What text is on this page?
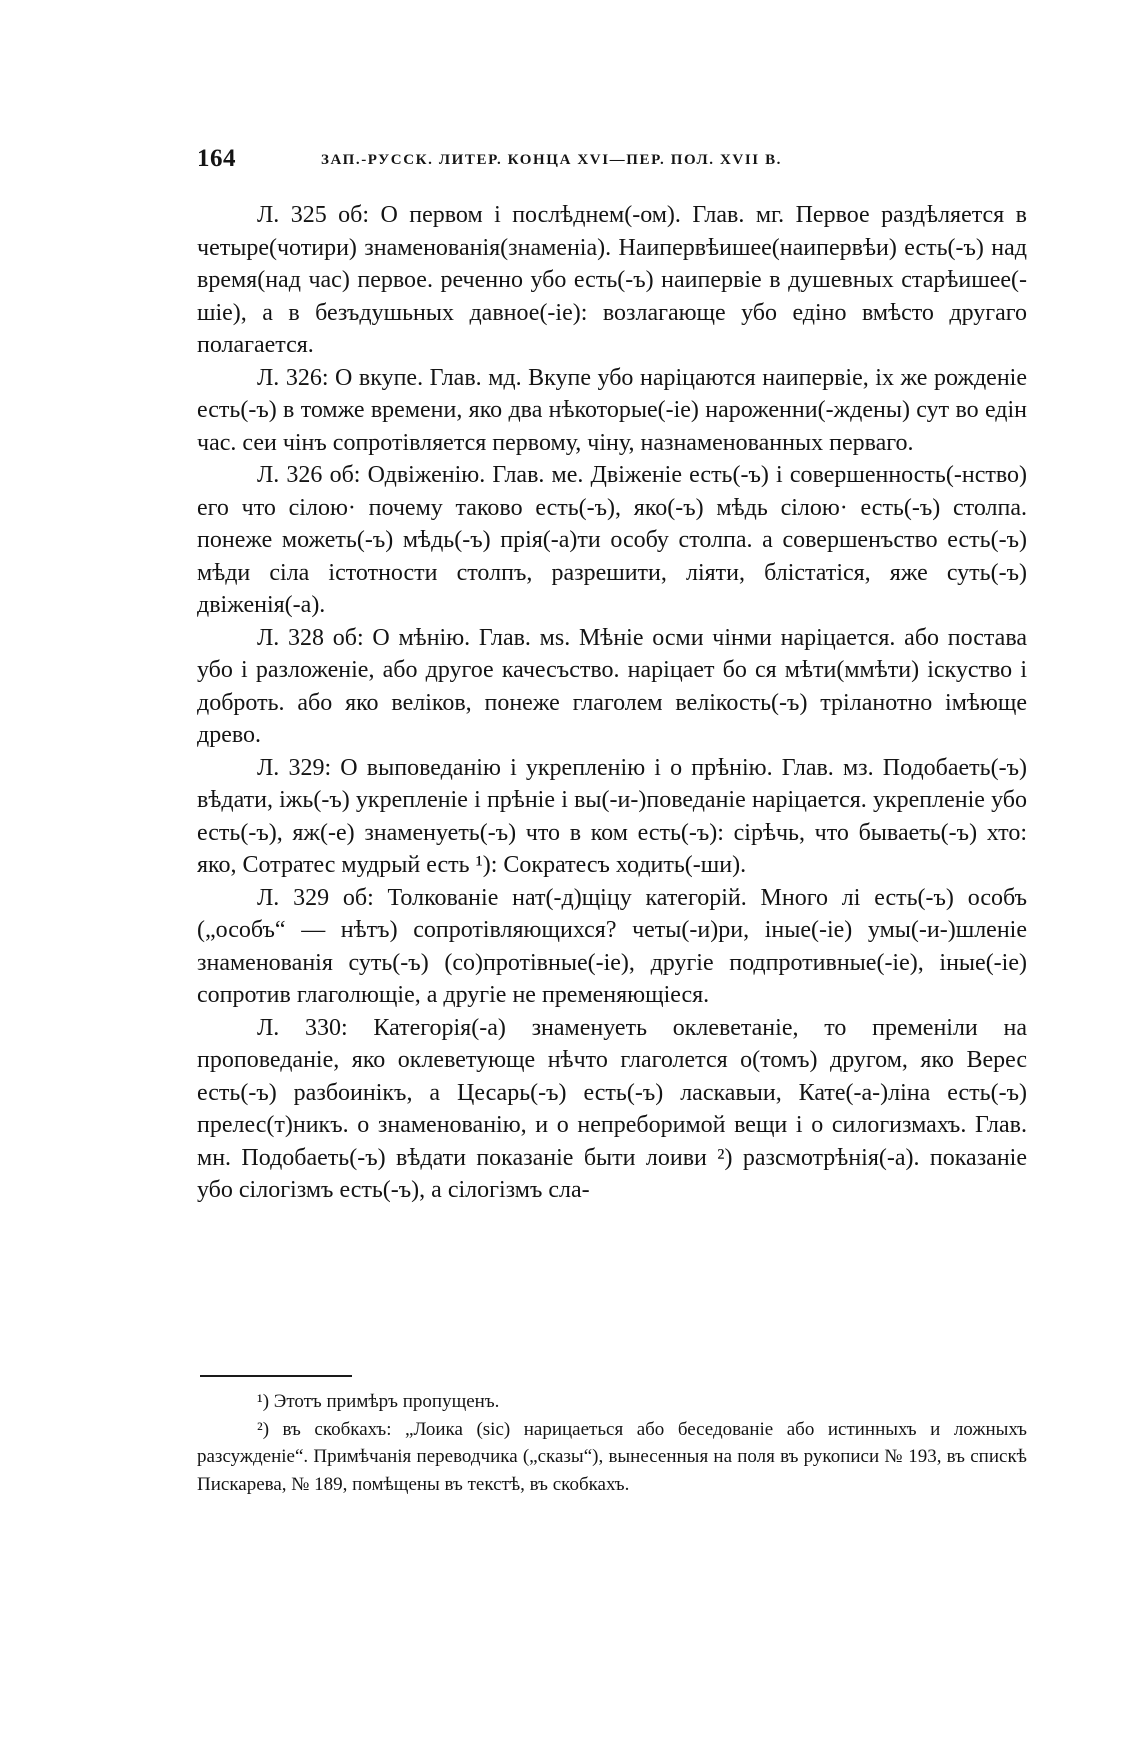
164	ЗАП.-РУССК. ЛИТЕР. КОНЦА XVI—ПЕР. ПОЛ. XVII В.

Л. 325 об: О первом і послѣднем(-ом). Глав. мг. Первое раздѣляется в четыре(чотири) знаменованія(знаменіа). Наипервѣишее(наиперв⁠ѣи) есть(-ъ) над время(над час) первое. реченно убо есть(-ъ) наипервіе в душевных старѣишее(-шіе), а в безъдушьных давное(-іе): возлагающе убо едіно вмѣсто другаго полагается.

Л. 326: О вкупе. Глав. мд. Вкупе убо наріцаются наипервіе, іх же рожденіе есть(-ъ) в томже времени, яко два нѣкоторые(-іе) нароженни(-ждены) сут во едін час. сеи чінъ сопротівляется первому, чіну, назнаменованных перваго.

Л. 326 об: Одвіженію. Глав. ме. Двіженіе есть(-ъ) і совершенность(-нство) его что сілою· почему таково есть(-ъ), яко(-ъ) мѣдь сілою· есть(-ъ) столпа. понеже можеть(-ъ) мѣдь(-ъ) прія(-а)ти особу столпа. а совершенъство есть(-ъ) мѣди сіла істотности столпъ, разрешити, ліяти, блістатіся, яже суть(-ъ) двіженія(-а).

Л. 328 об: О мѣнію. Глав. мѕ. Мѣніе осми чінми наріцается. або постава убо і разложеніе, або другое качесъство. наріцает бо ся мѣти(ммѣти) іскуство і доброть. або яко веліков, понеже глаголем велікость(-ъ) тріланотно імѣюще древо.

Л. 329: О выповеданію і укрепленію і о прѣнію. Глав. мз. Подобаеть(-ъ) вѣдати, іжь(-ъ) укрепленіе і прѣніе і вы(-и-)поведаніе наріцается. укрепленіе убо есть(-ъ), яж(-е) знаменуеть(-ъ) что в ком есть(-ъ): сірѣчь, что бываеть(-ъ) хто: яко, Сотратес мудрый есть ¹): Сократесъ ходить(-ши).

Л. 329 об: Толкованіе нат(-д)щіцу категорій. Много лі есть(-ъ) особъ („особъ“ — нѣтъ) сопротівляющихся? четы(-и)ри, іные(-іе) умы(-и-)шленіе знаменованія суть(-ъ) (со)протівные(-іе), другіе подпротивные(-іе), іные(-іе) сопротив глаголющіе, а другіе не пременяющіеся.

Л. 330: Категорія(-а) знаменуеть оклеветаніе, то пременіли на проповеданіе, яко оклеветующе нѣчто глаголется о(томъ) другом, яко Верес есть(-ъ) разбоинікъ, а Цесарь(-ъ) есть(-ъ) ласкавыи, Кате(-а-)ліна есть(-ъ) прелес(т)никъ. о знаменованію, и о непреборимой вещи і о силогизмахъ. Глав. мн. Подобаеть(-ъ) вѣдати показаніе быти лоиви ²) разсмотрѣнія(-а). показаніе убо сілогізмъ есть(-ъ), а сілогізмъ сла-

¹) Этотъ примѣръ пропущенъ.

²) въ скобкахъ: „Лоика (sic) нарицаеться або беседованіе або истинныхъ и ложныхъ разсужденіе“. Примѣчанія переводчика („сказы“), вынесенныя на поля въ рукописи № 193, въ спискѣ Пискарева, № 189, помѣщены въ текстѣ, въ скобкахъ.
